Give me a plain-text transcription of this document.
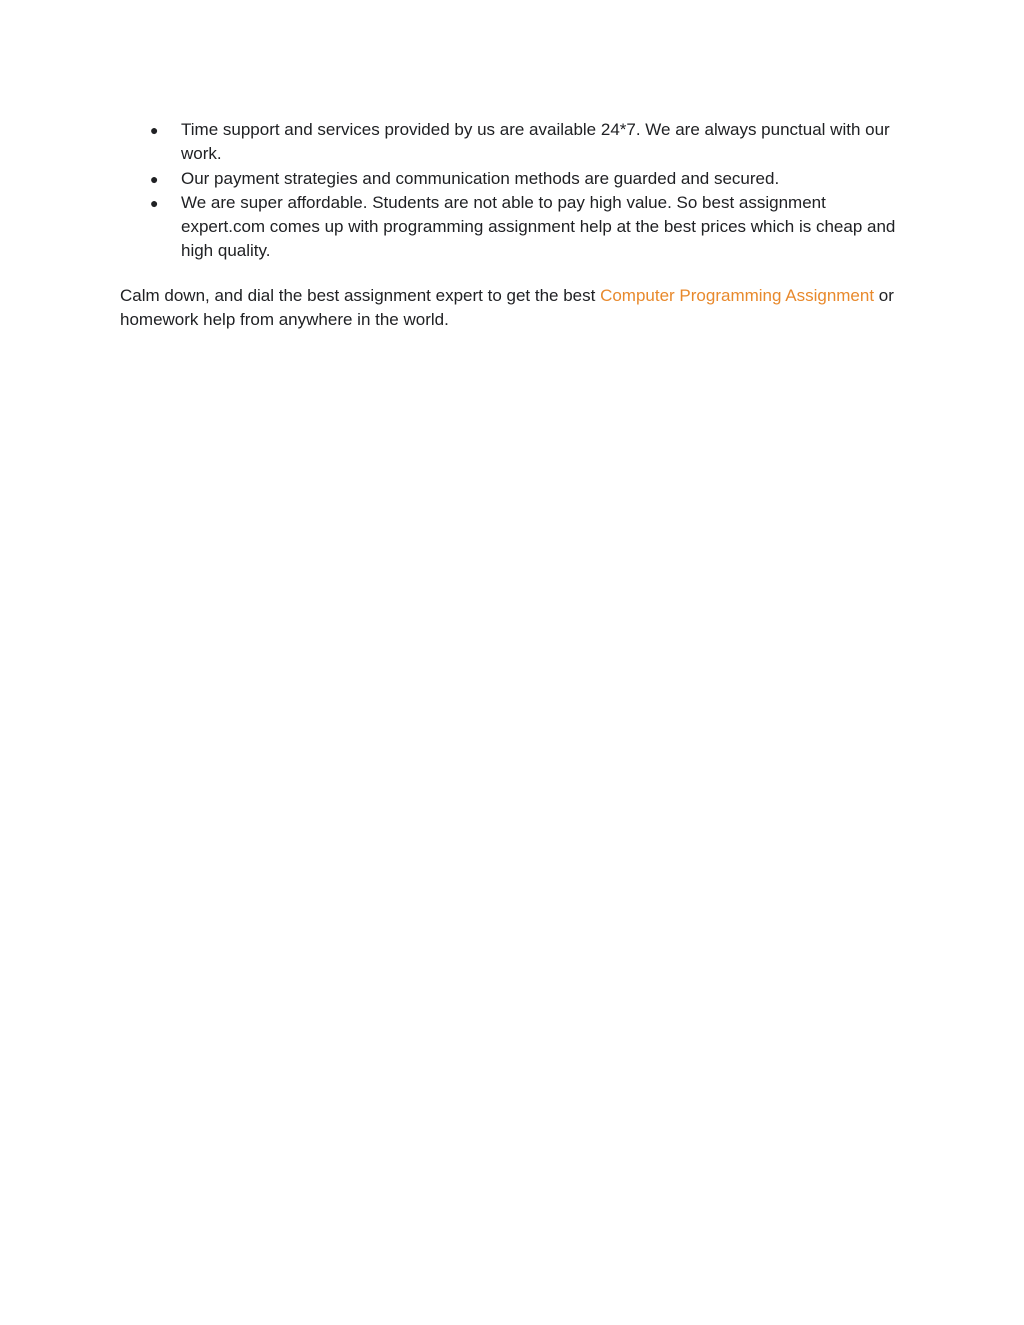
● Time support and services provided by us are available 24*7. We are always punctual with our work.
● Our payment strategies and communication methods are guarded and secured.
● We are super affordable. Students are not able to pay high value. So best assignment expert.com comes up with programming assignment help at the best prices which is cheap and high quality.

Calm down, and dial the best assignment expert to get the best Computer Programming Assignment or homework help from anywhere in the world.
